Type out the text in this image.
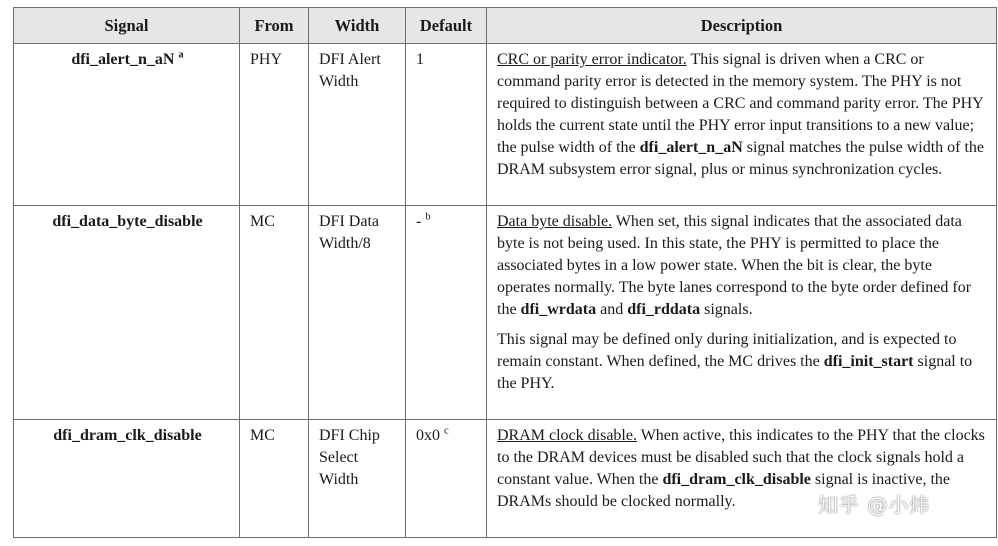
Signal	From	Width	Default	Description
dfi_alert_n_aN $^a$	PHY	DFI Alert Width	1	CRC or parity error indicator. This signal is driven when a CRC or command parity error is detected in the memory system. The PHY is not required to distinguish between a CRC and command parity error. The PHY holds the current state until the PHY error input transitions to a new value; the pulse width of the dfi_alert_n_aN signal matches the pulse width of the DRAM subsystem error signal, plus or minus synchronization cycles.
dfi_data_byte_disable	MC	DFI Data Width/8	- $^b$	Data byte disable. When set, this signal indicates that the associated data byte is not being used. In this state, the PHY is permitted to place the associated bytes in a low power state. When the bit is clear, the byte operates normally. The byte lanes correspond to the byte order defined for the dfi_wrdata and dfi_rddata signals.
This signal may be defined only during initialization, and is expected to remain constant. When defined, the MC drives the dfi_init_start signal to the PHY.

dfi_dram_clk_disable	MC	DFI Chip Select Width	0x0 $^c$	DRAM clock disable. When active, this indicates to the PHY that the clocks to the DRAM devices must be disabled such that the clock signals hold a constant value. When the dfi_dram_clk_disable signal is inactive, the DRAMs should be clocked normally.	知乎 @小炜
